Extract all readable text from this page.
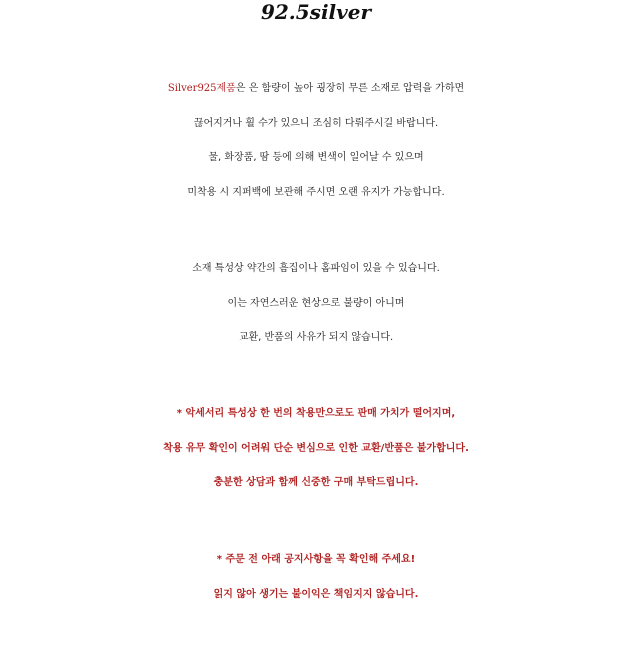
92.5silver
Silver925제품은 은 함량이 높아 굉장히 무른 소재로 압력을 가하면
끊어지거나 휠 수가 있으니 조심히 다뤄주시길 바랍니다.
물, 화장품, 땀 등에 의해 변색이 일어날 수 있으며
미착용 시 지퍼백에 보관해 주시면 오랜 유지가 가능합니다.
소재 특성상 약간의 흠집이나 홈파임이 있을 수 있습니다.
이는 자연스러운 현상으로 불량이 아니며
교환, 반품의 사유가 되지 않습니다.
* 악세서리 특성상 한 번의 착용만으로도 판매 가치가 떨어지며,
착용 유무 확인이 어려워 단순 변심으로 인한 교환/반품은 불가합니다.
충분한 상담과 함께 신중한 구매 부탁드립니다.
* 주문 전 아래 공지사항을 꼭 확인해 주세요!
읽지 않아 생기는 불이익은 책임지지 않습니다.
